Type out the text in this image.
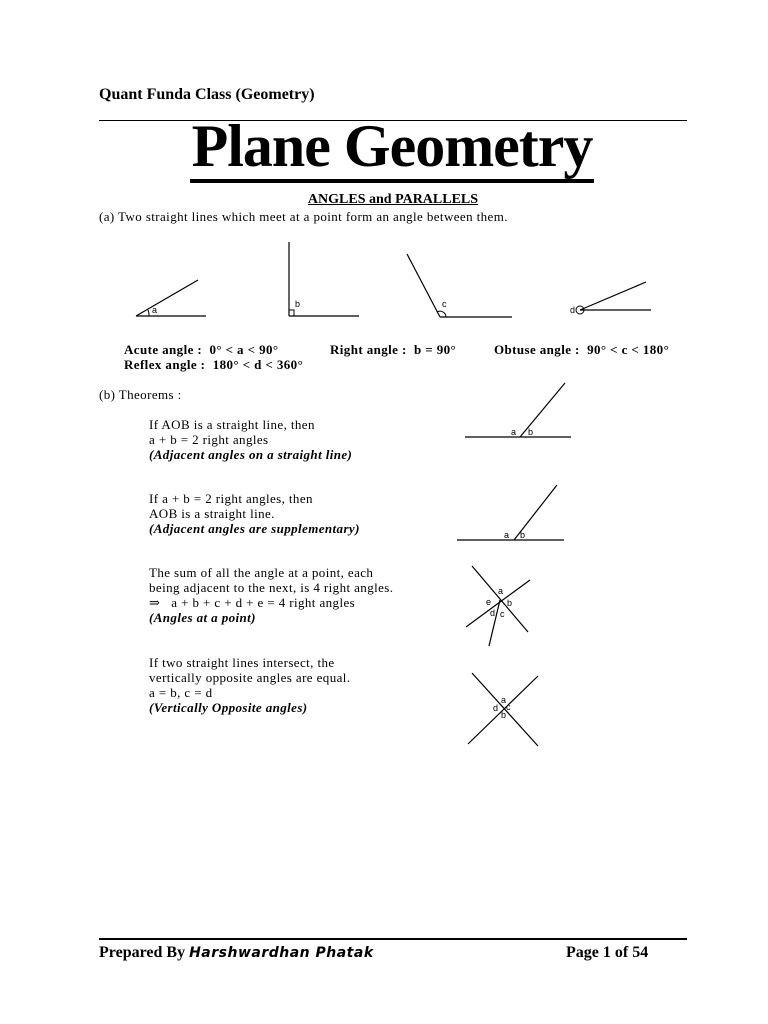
Quant Funda Class (Geometry)
Plane Geometry
ANGLES and PARALLELS
(a) Two straight lines which meet at a point form an angle between them.
a
b	c
d
Acute angle : 0° < a < 90°	Right angle : b = 90°	Obtuse angle : 90° < c < 180°
Reflex angle : 180° < d < 360°
(b) Theorems :
If AOB is a straight line, then
a + b = 2 right angles
(Adjacent angles on a straight line)
a b
If a + b = 2 right angles, then
AOB is a straight line.
(Adjacent angles are supplementary)	a b
The sum of all the angle at a point, each
being adjacent to the next, is 4 right angles.
⇒ a + b + c + d + e = 4 right angles
(Angles at a point)
a
b
c
d
e
If two straight lines intersect, the
vertically opposite angles are equal.
a = b, c = d
(Vertically Opposite angles)	a
b
c
d
Prepared By Harshwardhan Phatak	Page 1 of 54
